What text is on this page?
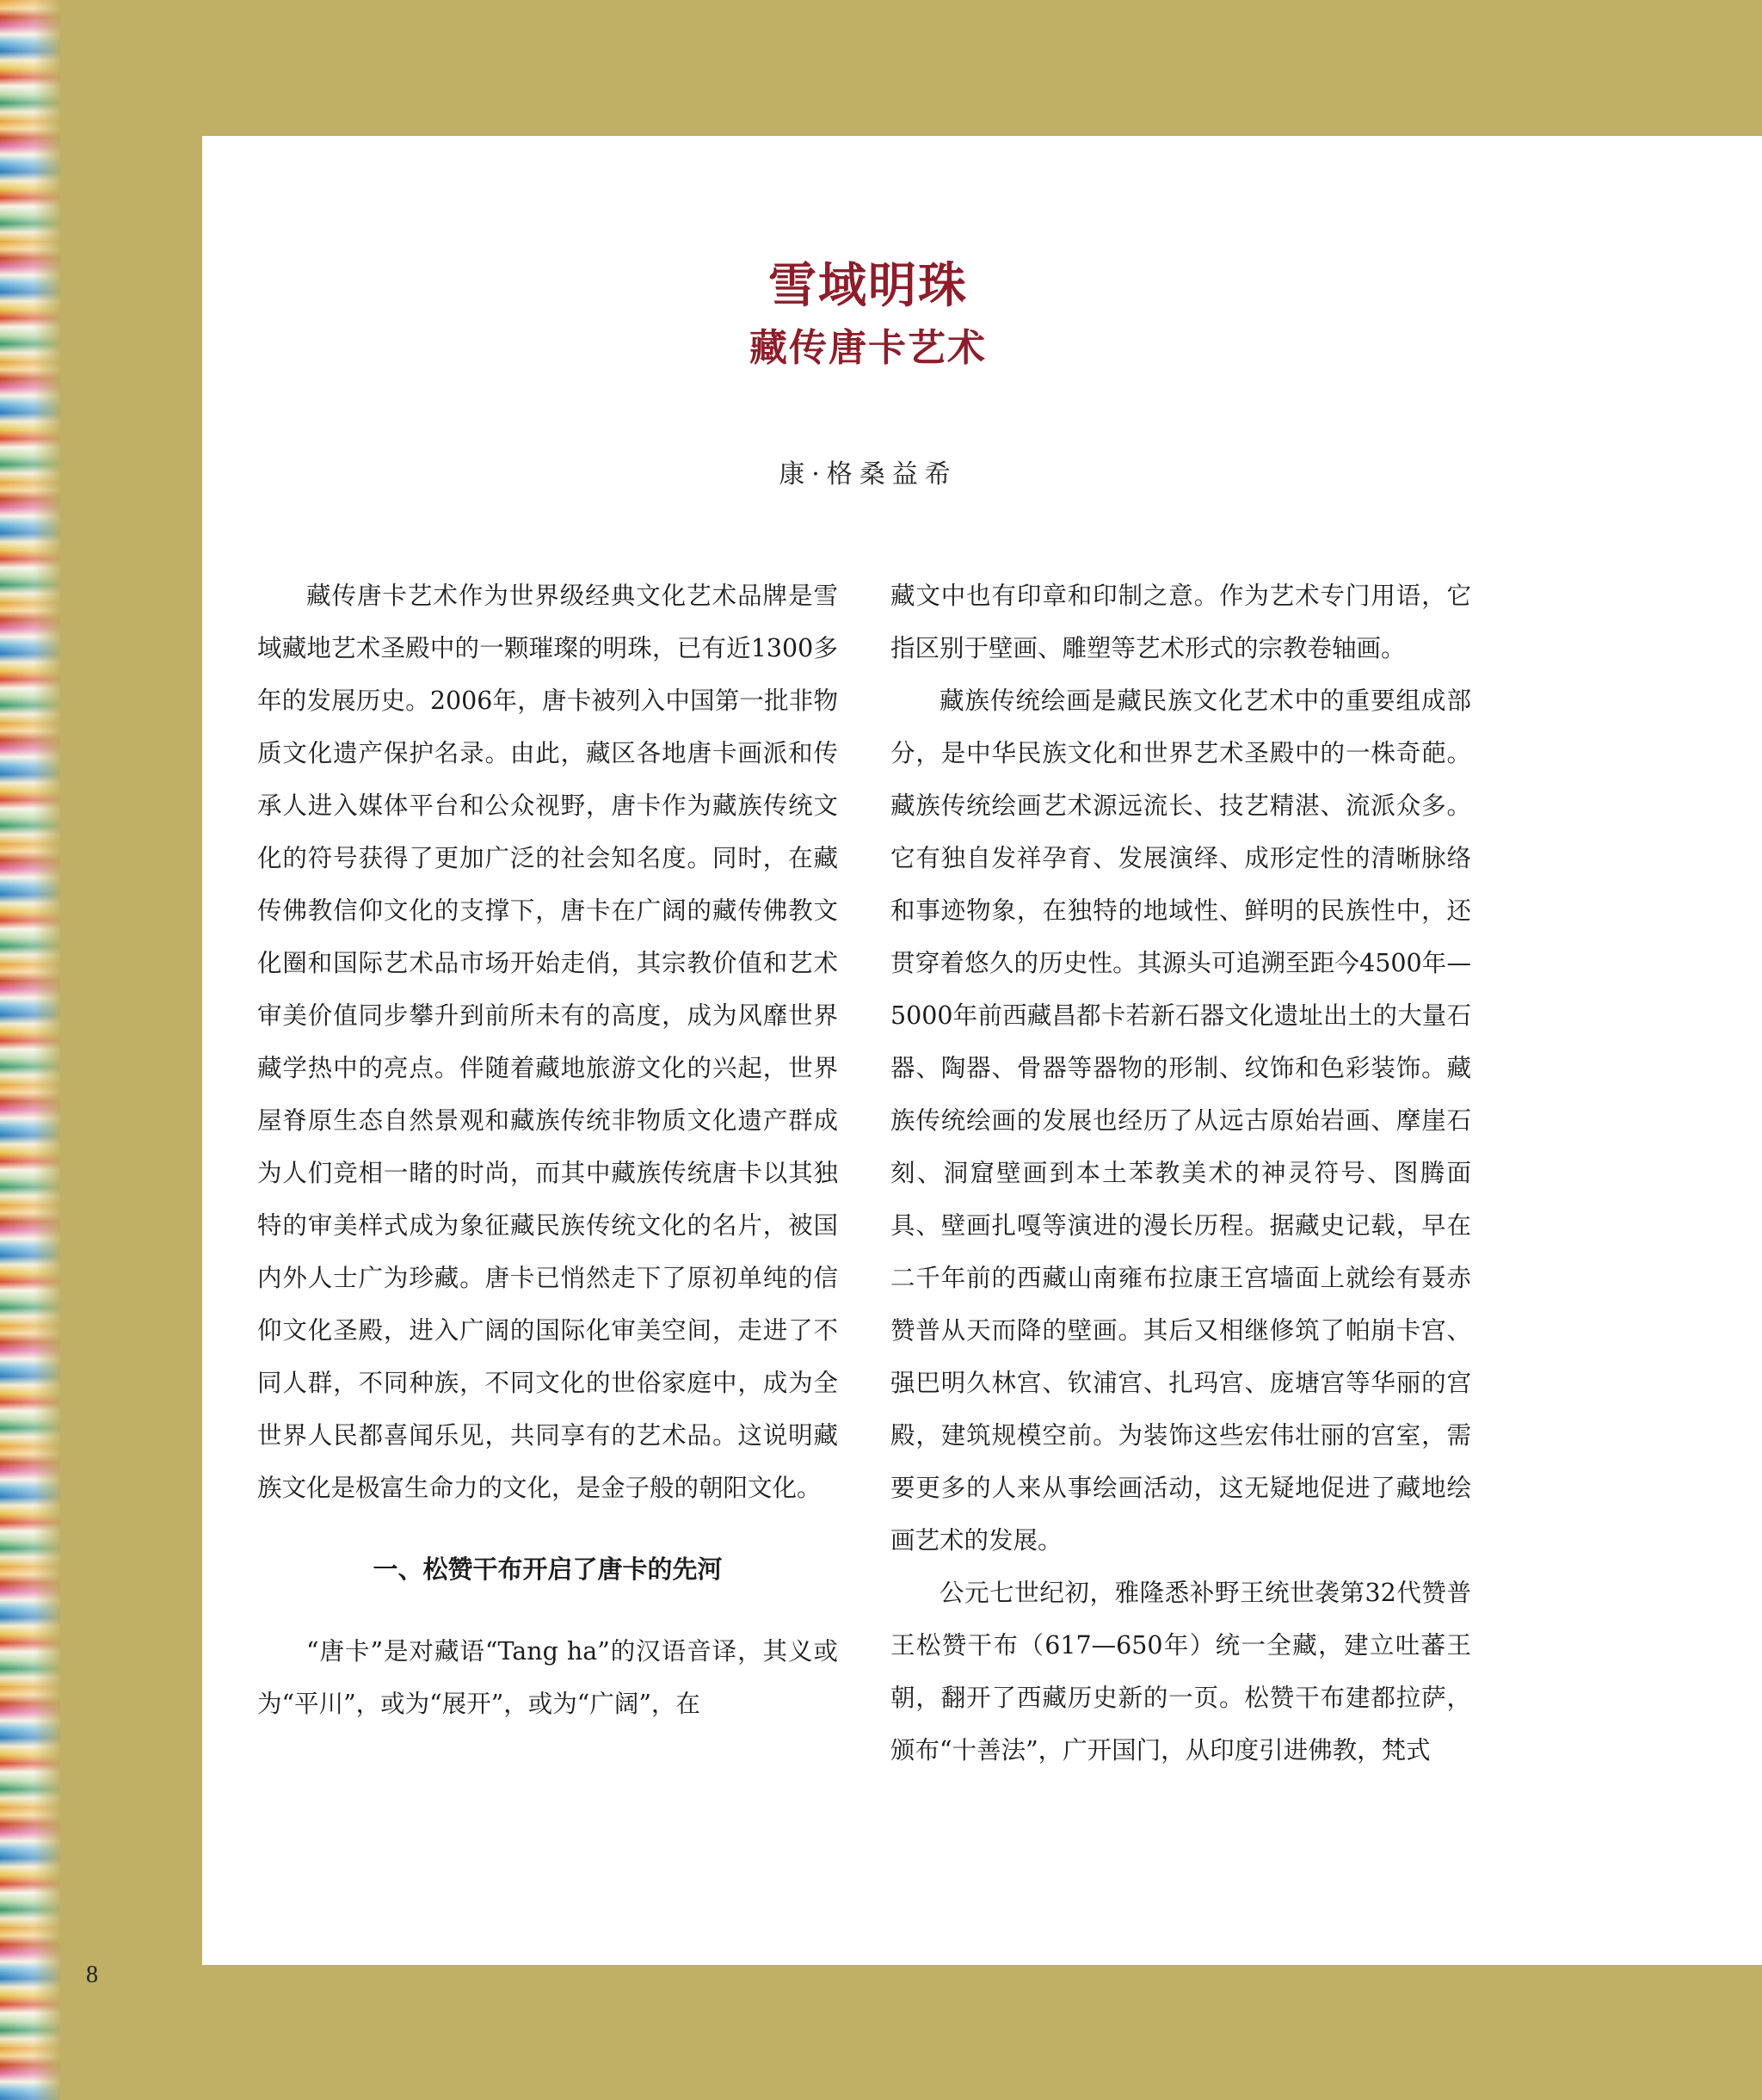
雪域明珠
藏传唐卡艺术
康·格桑益希

藏传唐卡艺术作为世界级经典文化艺术品牌是雪域藏地艺术圣殿中的一颗璀璨的明珠，已有近1300多年的发展历史。2006年，唐卡被列入中国第一批非物质文化遗产保护名录。由此，藏区各地唐卡画派和传承人进入媒体平台和公众视野，唐卡作为藏族传统文化的符号获得了更加广泛的社会知名度。同时，在藏传佛教信仰文化的支撑下，唐卡在广阔的藏传佛教文化圈和国际艺术品市场开始走俏，其宗教价值和艺术审美价值同步攀升到前所未有的高度，成为风靡世界藏学热中的亮点。伴随着藏地旅游文化的兴起，世界屋脊原生态自然景观和藏族传统非物质文化遗产群成为人们竞相一睹的时尚，而其中藏族传统唐卡以其独特的审美样式成为象征藏民族传统文化的名片，被国内外人士广为珍藏。唐卡已悄然走下了原初单纯的信仰文化圣殿，进入广阔的国际化审美空间，走进了不同人群，不同种族，不同文化的世俗家庭中，成为全世界人民都喜闻乐见，共同享有的艺术品。这说明藏族文化是极富生命力的文化，是金子般的朝阳文化。

一、松赞干布开启了唐卡的先河

“唐卡”是对藏语“Tang ha”的汉语音译，其义或为“平川”，或为“展开”，或为“广阔”，在

藏文中也有印章和印制之意。作为艺术专门用语，它指区别于壁画、雕塑等艺术形式的宗教卷轴画。

藏族传统绘画是藏民族文化艺术中的重要组成部分，是中华民族文化和世界艺术圣殿中的一株奇葩。藏族传统绘画艺术源远流长、技艺精湛、流派众多。它有独自发祥孕育、发展演绎、成形定性的清晰脉络和事迹物象，在独特的地域性、鲜明的民族性中，还贯穿着悠久的历史性。其源头可追溯至距今4500年—5000年前西藏昌都卡若新石器文化遗址出土的大量石器、陶器、骨器等器物的形制、纹饰和色彩装饰。藏族传统绘画的发展也经历了从远古原始岩画、摩崖石刻、洞窟壁画到本土苯教美术的神灵符号、图腾面具、壁画扎嘎等演进的漫长历程。据藏史记载，早在二千年前的西藏山南雍布拉康王宫墙面上就绘有聂赤赞普从天而降的壁画。其后又相继修筑了帕崩卡宫、强巴明久林宫、钦浦宫、扎玛宫、庞塘宫等华丽的宫殿，建筑规模空前。为装饰这些宏伟壮丽的宫室，需要更多的人来从事绘画活动，这无疑地促进了藏地绘画艺术的发展。

公元七世纪初，雅隆悉补野王统世袭第32代赞普王松赞干布（617—650年）统一全藏，建立吐蕃王朝，翻开了西藏历史新的一页。松赞干布建都拉萨，颁布“十善法”，广开国门，从印度引进佛教，梵式

8
